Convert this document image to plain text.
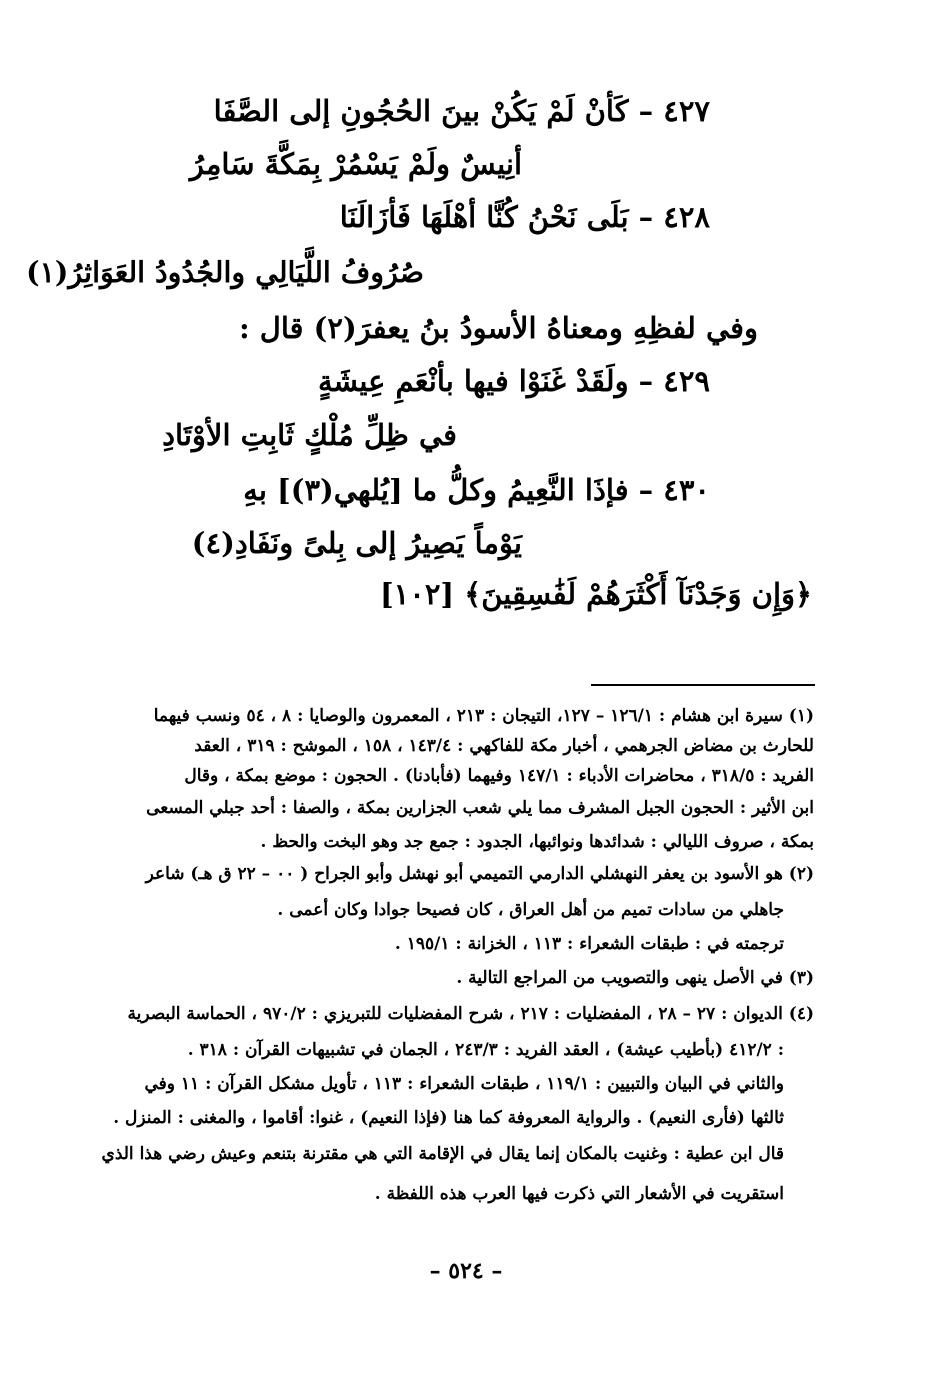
٤٢٧ – كَأنْ لَمْ يَكُنْ بينَ الحُجُونِ إلى الصَّفَا
أنِيسٌ ولَمْ يَسْمُرْ بِمَكَّةَ سَامِرُ
٤٢٨ – بَلَى نَحْنُ كُنَّا أهْلَهَا فَأزَالَنَا
صُرُوفُ اللَّيَالِي والجُدُودُ العَوَاثِرُ(١)
وفي لفظِهِ ومعناهُ الأسودُ بنُ يعفرَ(٢) قال :
٤٢٩ – ولَقَدْ غَنَوْا فيها بأنْعَمِ عِيشَةٍ
في ظِلِّ مُلْكٍ ثَابِتِ الأوْتَادِ
٤٣٠ – فإذَا النَّعِيمُ وكلُّ ما [يُلهي(٣)] بهِ
يَوْماً يَصِيرُ إلى بِلىً ونَفَادِ(٤)
﴿وَإِن وَجَدْنَآ أَكْثَرَهُمْ لَفَٰسِقِينَ﴾ [١٠٢]
(١) سيرة ابن هشام : ١٢٦/١ – ١٢٧، التيجان : ٢١٣ ، المعمرون والوصايا : ٨ ، ٥٤ ونسب فيهما
للحارث بن مضاض الجرهمي ، أخبار مكة للفاكهي : ١٤٣/٤ ، ١٥٨ ، الموشح : ٣١٩ ، العقد
الفريد : ٣١٨/٥ ، محاضرات الأدباء : ١٤٧/١ وفيهما (فأبادنا) . الحجون : موضع بمكة ، وقال
ابن الأثير : الحجون الجبل المشرف مما يلي شعب الجزارين بمكة ، والصفا : أحد جبلي المسعى
بمكة ، صروف الليالي : شدائدها ونوائبها، الجدود : جمع جد وهو البخت والحظ .
(٢) هو الأسود بن يعفر النهشلي الدارمي التميمي أبو نهشل وأبو الجراح ( ٠٠ – ٢٢ ق هـ) شاعر
جاهلي من سادات تميم من أهل العراق ، كان فصيحا جوادا وكان أعمى .
ترجمته في : طبقات الشعراء : ١١٣ ، الخزانة : ١٩٥/١ .
(٣) في الأصل ينهى والتصويب من المراجع التالية .
(٤) الديوان : ٢٧ – ٢٨ ، المفضليات : ٢١٧ ، شرح المفضليات للتبريزي : ٩٧٠/٢ ، الحماسة البصرية
: ٤١٢/٢ (بأطيب عيشة) ، العقد الفريد : ٢٤٣/٣ ، الجمان في تشبيهات القرآن : ٣١٨ .
والثاني في البيان والتبيين : ١١٩/١ ، طبقات الشعراء : ١١٣ ، تأويل مشكل القرآن : ١١ وفي
ثالثها (فأرى النعيم) . والرواية المعروفة كما هنا (فإذا النعيم) ، غنوا: أقاموا ، والمغنى : المنزل .
قال ابن عطية : وغنيت بالمكان إنما يقال في الإقامة التي هي مقترنة بتنعم وعيش رضي هذا الذي
استقريت في الأشعار التي ذكرت فيها العرب هذه اللفظة .
– ٥٢٤ –
